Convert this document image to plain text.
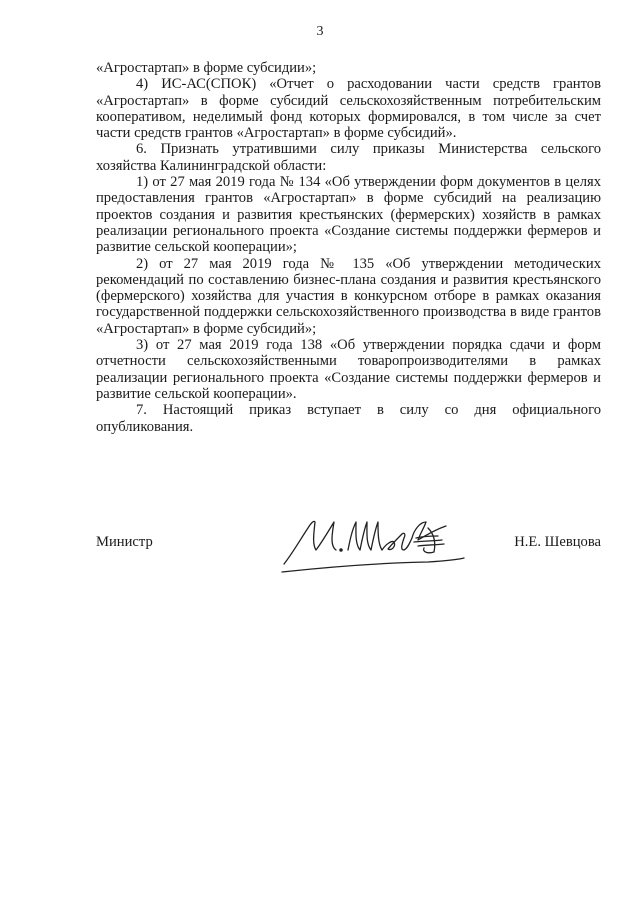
3

«Агростартап» в форме субсидии»;

4) ИС-АС(СПОК) «Отчет о расходовании части средств грантов «Агростартап» в форме субсидий сельскохозяйственным потребительским кооперативом, неделимый фонд которых формировался, в том числе за счет части средств грантов «Агростартап» в форме субсидий».

6. Признать утратившими силу приказы Министерства сельского хозяйства Калининградской области:

1) от 27 мая 2019 года № 134 «Об утверждении форм документов в целях предоставления грантов «Агростартап» в форме субсидий на реализацию проектов создания и развития крестьянских (фермерских) хозяйств в рамках реализации регионального проекта «Создание системы поддержки фермеров и развитие сельской кооперации»;

2) от 27 мая 2019 года № 135 «Об утверждении методических рекомендаций по составлению бизнес-плана создания и развития крестьянского (фермерского) хозяйства для участия в конкурсном отборе в рамках оказания государственной поддержки сельскохозяйственного производства в виде грантов «Агростартап» в форме субсидий»;

3) от 27 мая 2019 года 138 «Об утверждении порядка сдачи и форм отчетности сельскохозяйственными товаропроизводителями в рамках реализации регионального проекта «Создание системы поддержки фермеров и развитие сельской кооперации».

7. Настоящий приказ вступает в силу со дня официального опубликования.

Министр	Н.Е. Шевцова
